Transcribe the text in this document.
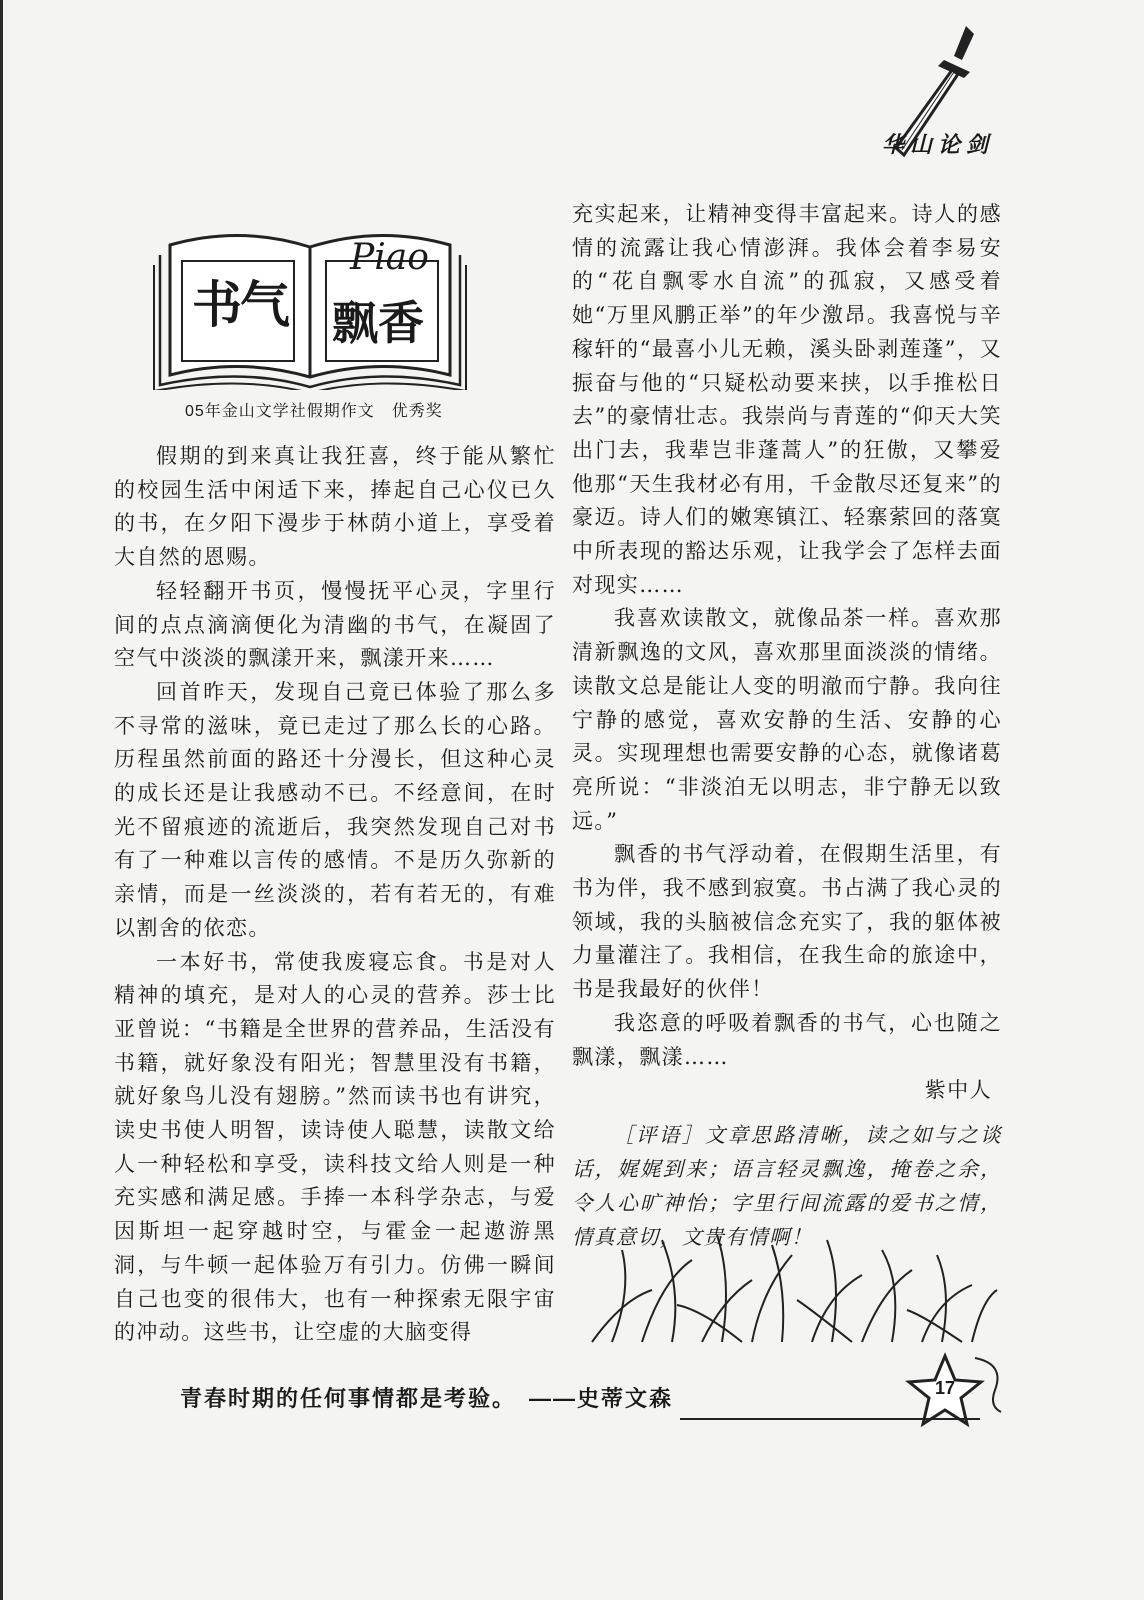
华山论剑
书气
Piao
飘香
05年金山文学社假期作文　优秀奖

假期的到来真让我狂喜，终于能从繁忙的校园生活中闲适下来，捧起自己心仪已久的书，在夕阳下漫步于林荫小道上，享受着大自然的恩赐。

轻轻翻开书页，慢慢抚平心灵，字里行间的点点滴滴便化为清幽的书气，在凝固了空气中淡淡的飘漾开来，飘漾开来……

回首昨天，发现自己竟已体验了那么多不寻常的滋味，竟已走过了那么长的心路。历程虽然前面的路还十分漫长，但这种心灵的成长还是让我感动不已。不经意间，在时光不留痕迹的流逝后，我突然发现自己对书有了一种难以言传的感情。不是历久弥新的亲情，而是一丝淡淡的，若有若无的，有难以割舍的依恋。

一本好书，常使我废寝忘食。书是对人精神的填充，是对人的心灵的营养。莎士比亚曾说：“书籍是全世界的营养品，生活没有书籍，就好象没有阳光；智慧里没有书籍，就好象鸟儿没有翅膀。”然而读书也有讲究，读史书使人明智，读诗使人聪慧，读散文给人一种轻松和享受，读科技文给人则是一种充实感和满足感。手捧一本科学杂志，与爱因斯坦一起穿越时空，与霍金一起遨游黑洞，与牛顿一起体验万有引力。仿佛一瞬间自己也变的很伟大，也有一种探索无限宇宙的冲动。这些书，让空虚的大脑变得

充实起来，让精神变得丰富起来。诗人的感情的流露让我心情澎湃。我体会着李易安的“花自飘零水自流”的孤寂，又感受着她“万里风鹏正举”的年少激昂。我喜悦与辛稼轩的“最喜小儿无赖，溪头卧剥莲蓬”，又振奋与他的“只疑松动要来挟，以手推松日去”的豪情壮志。我崇尚与青莲的“仰天大笑出门去，我辈岂非蓬蒿人”的狂傲，又攀爱他那“天生我材必有用，千金散尽还复来”的豪迈。诗人们的嫩寒镇江、轻寨萦回的落寞中所表现的豁达乐观，让我学会了怎样去面对现实……

我喜欢读散文，就像品茶一样。喜欢那清新飘逸的文风，喜欢那里面淡淡的情绪。读散文总是能让人变的明澈而宁静。我向往宁静的感觉，喜欢安静的生活、安静的心灵。实现理想也需要安静的心态，就像诸葛亮所说：“非淡泊无以明志，非宁静无以致远。”

飘香的书气浮动着，在假期生活里，有书为伴，我不感到寂寞。书占满了我心灵的领域，我的头脑被信念充实了，我的躯体被力量灌注了。我相信，在我生命的旅途中，书是我最好的伙伴！

我恣意的呼吸着飘香的书气，心也随之飘漾，飘漾……

紫中人

［评语］文章思路清晰，读之如与之谈话，娓娓到来；语言轻灵飘逸，掩卷之余，令人心旷神怡；字里行间流露的爱书之情，情真意切，文贵有情啊！

青春时期的任何事情都是考验。　——史蒂文森	17
